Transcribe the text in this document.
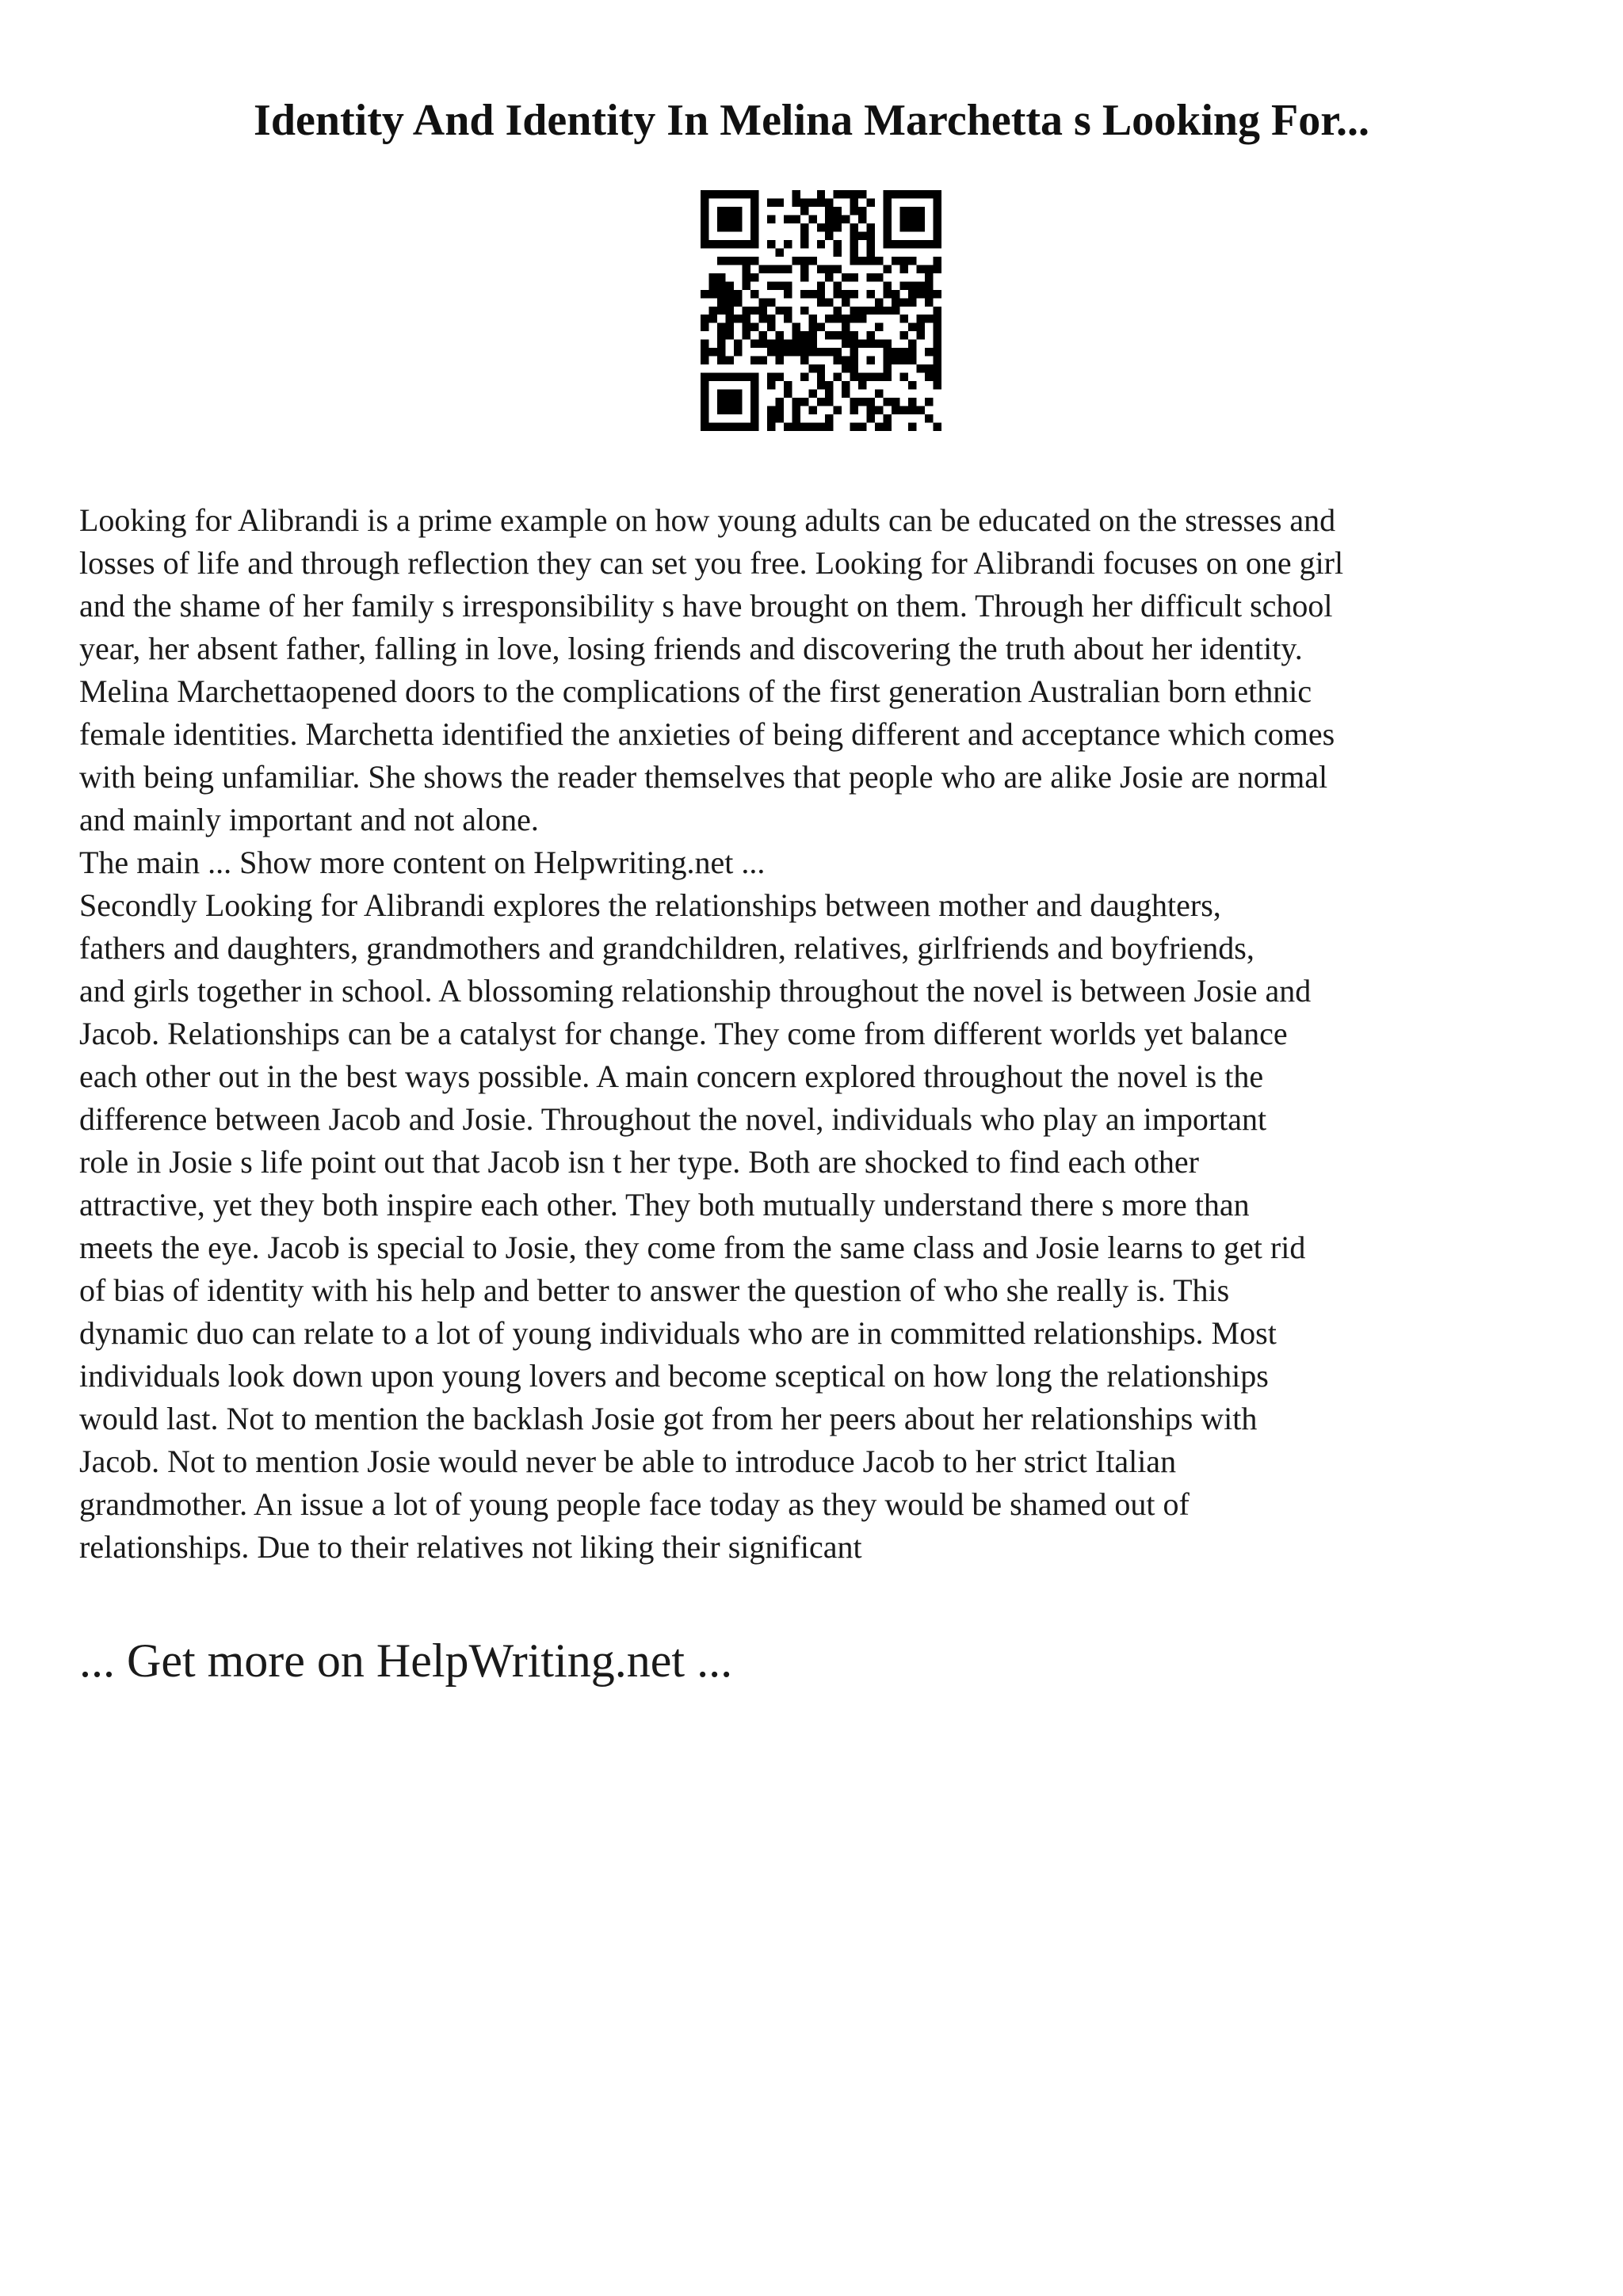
Identity And Identity In Melina Marchetta s Looking For...
Looking for Alibrandi is a prime example on how young adults can be educated on the stresses and
losses of life and through reflection they can set you free. Looking for Alibrandi focuses on one girl
and the shame of her family s irresponsibility s have brought on them. Through her difficult school
year, her absent father, falling in love, losing friends and discovering the truth about her identity.
Melina Marchettaopened doors to the complications of the first generation Australian born ethnic
female identities. Marchetta identified the anxieties of being different and acceptance which comes
with being unfamiliar. She shows the reader themselves that people who are alike Josie are normal
and mainly important and not alone.
The main ... Show more content on Helpwriting.net ...
Secondly Looking for Alibrandi explores the relationships between mother and daughters,
fathers and daughters, grandmothers and grandchildren, relatives, girlfriends and boyfriends,
and girls together in school. A blossoming relationship throughout the novel is between Josie and
Jacob. Relationships can be a catalyst for change. They come from different worlds yet balance
each other out in the best ways possible. A main concern explored throughout the novel is the
difference between Jacob and Josie. Throughout the novel, individuals who play an important
role in Josie s life point out that Jacob isn t her type. Both are shocked to find each other
attractive, yet they both inspire each other. They both mutually understand there s more than
meets the eye. Jacob is special to Josie, they come from the same class and Josie learns to get rid
of bias of identity with his help and better to answer the question of who she really is. This
dynamic duo can relate to a lot of young individuals who are in committed relationships. Most
individuals look down upon young lovers and become sceptical on how long the relationships
would last. Not to mention the backlash Josie got from her peers about her relationships with
Jacob. Not to mention Josie would never be able to introduce Jacob to her strict Italian
grandmother. An issue a lot of young people face today as they would be shamed out of
relationships. Due to their relatives not liking their significant

... Get more on HelpWriting.net ...
